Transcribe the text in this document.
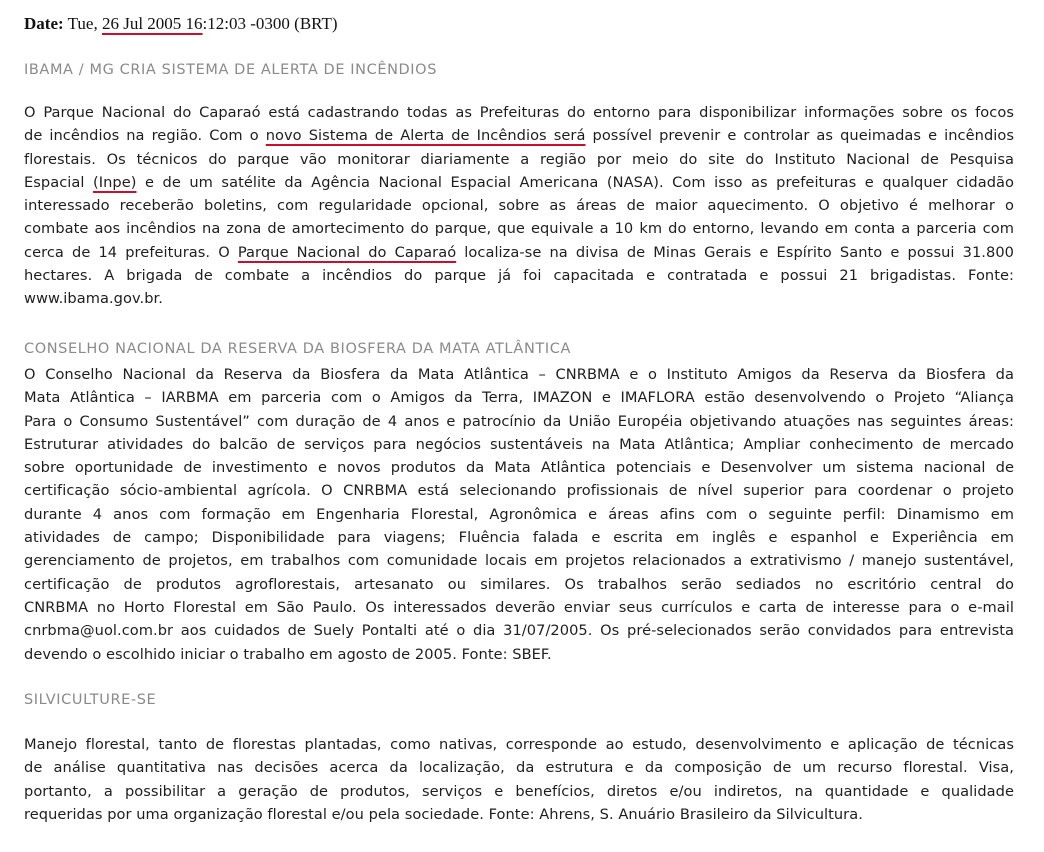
Date: Tue, 26 Jul 2005 16:12:03 -0300 (BRT)
IBAMA / MG CRIA SISTEMA DE ALERTA DE INCÊNDIOS
O Parque Nacional do Caparaó está cadastrando todas as Prefeituras do entorno para disponibilizar informações sobre os focos
de incêndios na região. Com o novo Sistema de Alerta de Incêndios será possível prevenir e controlar as queimadas e incêndios
florestais. Os técnicos do parque vão monitorar diariamente a região por meio do site do Instituto Nacional de Pesquisa
Espacial (Inpe) e de um satélite da Agência Nacional Espacial Americana (NASA). Com isso as prefeituras e qualquer cidadão
interessado receberão boletins, com regularidade opcional, sobre as áreas de maior aquecimento. O objetivo é melhorar o
combate aos incêndios na zona de amortecimento do parque, que equivale a 10 km do entorno, levando em conta a parceria com
cerca de 14 prefeituras. O Parque Nacional do Caparaó localiza-se na divisa de Minas Gerais e Espírito Santo e possui 31.800
hectares. A brigada de combate a incêndios do parque já foi capacitada e contratada e possui 21 brigadistas. Fonte:
www.ibama.gov.br.
CONSELHO NACIONAL DA RESERVA DA BIOSFERA DA MATA ATLÂNTICA
O Conselho Nacional da Reserva da Biosfera da Mata Atlântica – CNRBMA e o Instituto Amigos da Reserva da Biosfera da
Mata Atlântica – IARBMA em parceria com o Amigos da Terra, IMAZON e IMAFLORA estão desenvolvendo o Projeto “Aliança
Para o Consumo Sustentável” com duração de 4 anos e patrocínio da União Européia objetivando atuações nas seguintes áreas:
Estruturar atividades do balcão de serviços para negócios sustentáveis na Mata Atlântica; Ampliar conhecimento de mercado
sobre oportunidade de investimento e novos produtos da Mata Atlântica potenciais e Desenvolver um sistema nacional de
certificação sócio-ambiental agrícola. O CNRBMA está selecionando profissionais de nível superior para coordenar o projeto
durante 4 anos com formação em Engenharia Florestal, Agronômica e áreas afins com o seguinte perfil: Dinamismo em
atividades de campo; Disponibilidade para viagens; Fluência falada e escrita em inglês e espanhol e Experiência em
gerenciamento de projetos, em trabalhos com comunidade locais em projetos relacionados a extrativismo / manejo sustentável,
certificação de produtos agroflorestais, artesanato ou similares. Os trabalhos serão sediados no escritório central do
CNRBMA no Horto Florestal em São Paulo. Os interessados deverão enviar seus currículos e carta de interesse para o e-mail
cnrbma@uol.com.br aos cuidados de Suely Pontalti até o dia 31/07/2005. Os pré-selecionados serão convidados para entrevista
devendo o escolhido iniciar o trabalho em agosto de 2005. Fonte: SBEF.
SILVICULTURE-SE
Manejo florestal, tanto de florestas plantadas, como nativas, corresponde ao estudo, desenvolvimento e aplicação de técnicas
de análise quantitativa nas decisões acerca da localização, da estrutura e da composição de um recurso florestal. Visa,
portanto, a possibilitar a geração de produtos, serviços e benefícios, diretos e/ou indiretos, na quantidade e qualidade
requeridas por uma organização florestal e/ou pela sociedade. Fonte: Ahrens, S. Anuário Brasileiro da Silvicultura.
